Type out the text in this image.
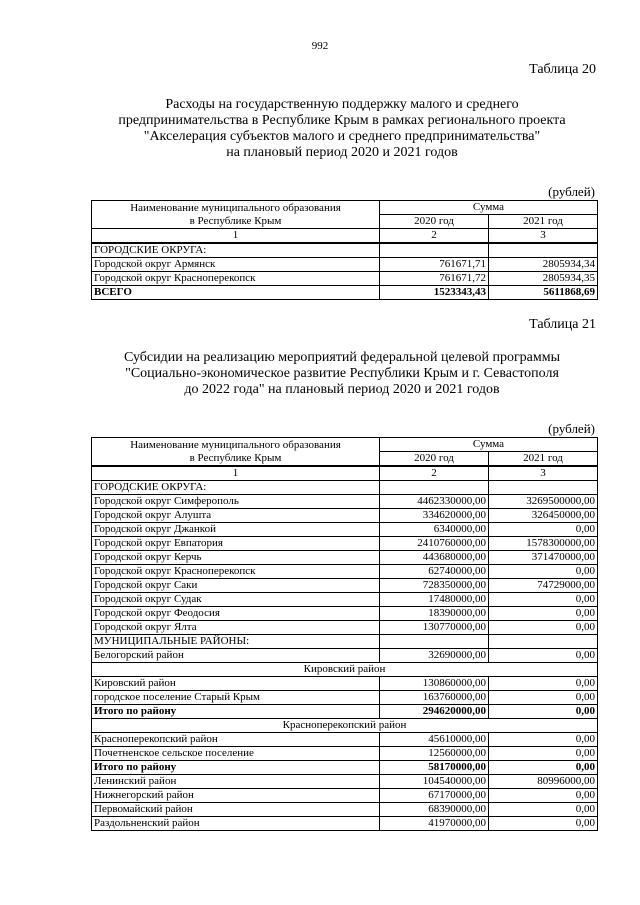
992
Таблица 20
Расходы на государственную поддержку малого и среднего
предпринимательства в Республике Крым в рамках регионального проекта
"Акселерация субъектов малого и среднего предпринимательства"
на плановый период 2020 и 2021 годов
(рублей)
Наименование муниципального образования
в Республике Крым	Сумма	
	2020 год	2021 год
1	2	3
ГОРОДСКИЕ ОКРУГА:		
Городской округ Армянск	761671,71	2805934,34
Городской округ Красноперекопск	761671,72	2805934,35
ВСЕГО	1523343,43	5611868,69
Таблица 21
Субсидии на реализацию мероприятий федеральной целевой программы
"Социально-экономическое развитие Республики Крым и г. Севастополя
до 2022 года" на плановый период 2020 и 2021 годов
(рублей)
Наименование муниципального образования
в Республике Крым	Сумма	
	2020 год	2021 год
1	2	3
ГОРОДСКИЕ ОКРУГА:		
Городской округ Симферополь	4462330000,00	3269500000,00
Городской округ Алушта	334620000,00	326450000,00
Городской округ Джанкой	6340000,00	0,00
Городской округ Евпатория	2410760000,00	1578300000,00
Городской округ Керчь	443680000,00	371470000,00
Городской округ Красноперекопск	62740000,00	0,00
Городской округ Саки	728350000,00	74729000,00
Городской округ Судак	17480000,00	0,00
Городской округ Феодосия	18390000,00	0,00
Городской округ Ялта	130770000,00	0,00
МУНИЦИПАЛЬНЫЕ РАЙОНЫ:		
Белогорский район	32690000,00	0,00
Кировский район		
Кировский район	130860000,00	0,00
городское поселение Старый Крым	163760000,00	0,00
Итого по району	294620000,00	0,00
Красноперекопский район		
Красноперекопский район	45610000,00	0,00
Почетненское сельское поселение	12560000,00	0,00
Итого по району	58170000,00	0,00
Ленинский район	104540000,00	80996000,00
Нижнегорский район	67170000,00	0,00
Первомайский район	68390000,00	0,00
Раздольненский район	41970000,00	0,00
